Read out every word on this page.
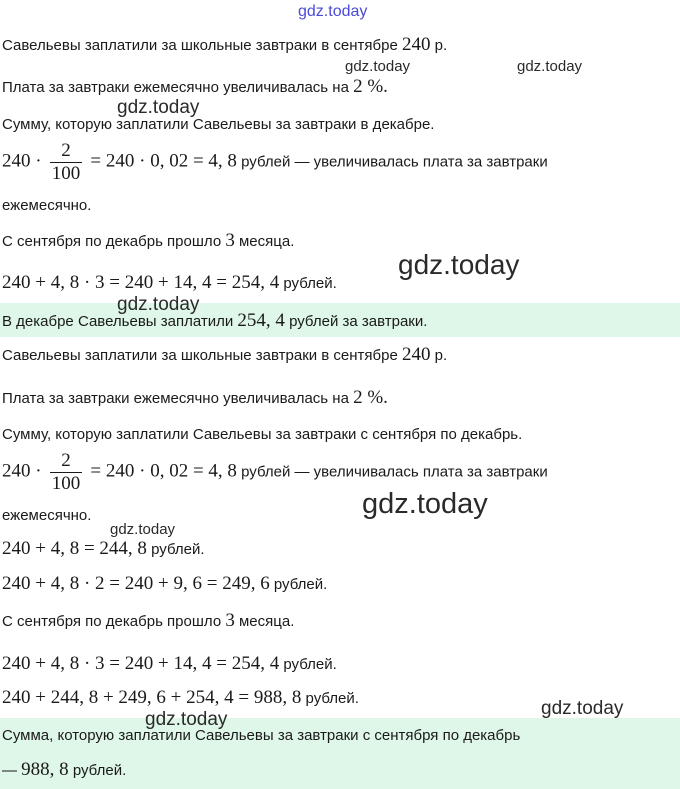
Савельевы заплатили за школьные завтраки в сентябре 240 р.
Плата за завтраки ежемесячно увеличивалась на 2 %.
Сумму, которую заплатили Савельевы за завтраки в декабре.
$240 \cdot \frac{2}{100} = 240 \cdot 0$, 02 = 4, 8 рублей — увеличивалась плата за завтраки
ежемесячно.
С сентября по декабрь прошло 3 месяца.
240 + 4, 8 · 3 = 240 + 14, 4 = 254, 4 рублей.
В декабре Савельевы заплатили 254, 4 рублей за завтраки.
Савельевы заплатили за школьные завтраки в сентябре 240 р.
Плата за завтраки ежемесячно увеличивалась на 2 %.
Сумму, которую заплатили Савельевы за завтраки с сентября по декабрь.
$240 \cdot \frac{2}{100} = 240 \cdot 0$, 02 = 4, 8 рублей — увеличивалась плата за завтраки
ежемесячно.
240 + 4, 8 = 244, 8 рублей.
240 + 4, 8 · 2 = 240 + 9, 6 = 249, 6 рублей.
С сентября по декабрь прошло 3 месяца.
240 + 4, 8 · 3 = 240 + 14, 4 = 254, 4 рублей.
240 + 244, 8 + 249, 6 + 254, 4 = 988, 8 рублей.
Сумма, которую заплатили Савельевы за завтраки с сентября по декабрь
— 988, 8 рублей.
gdz.today
gdz.today	gdz.today
gdz.today
gdz.today
gdz.today
gdz.today
gdz.today
gdz.today
gdz.today
